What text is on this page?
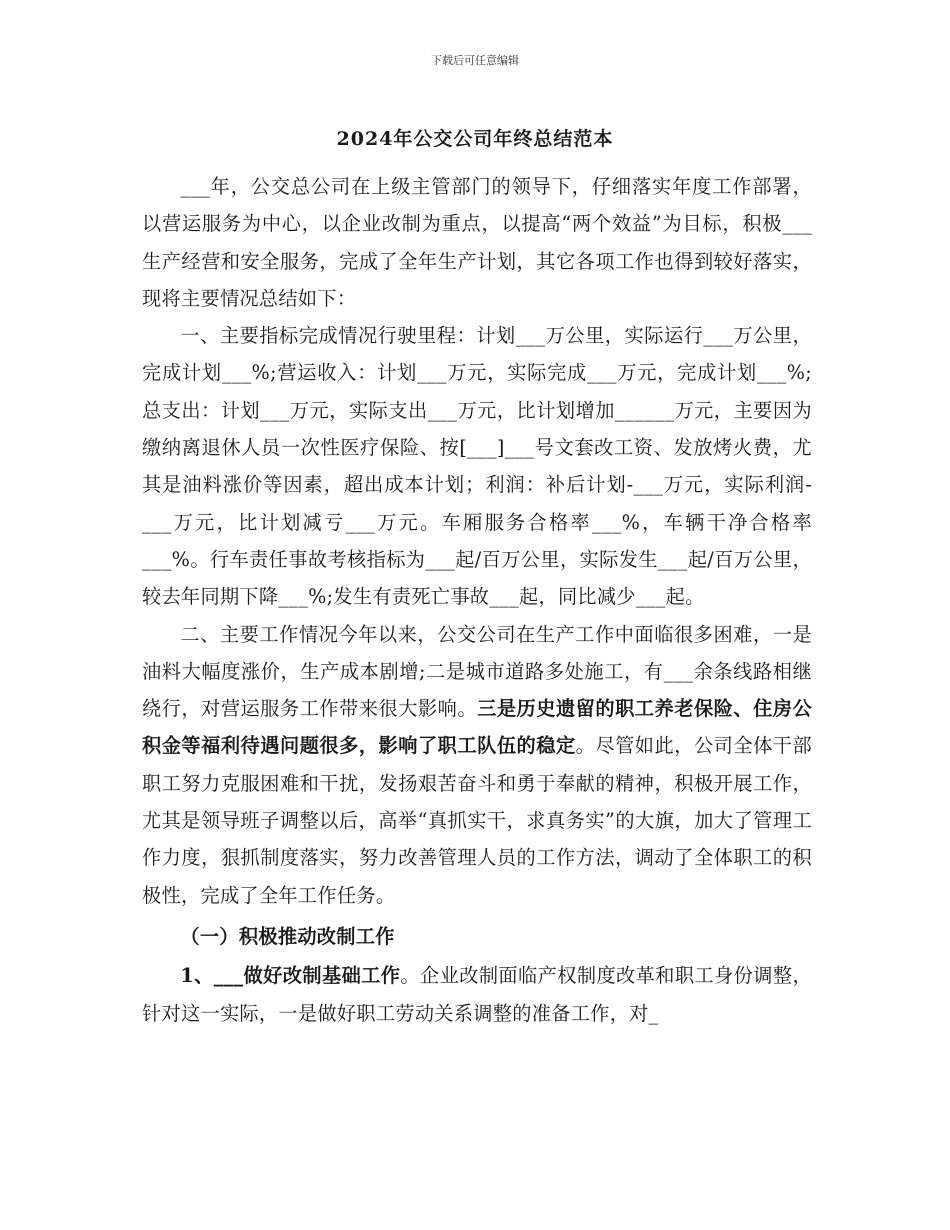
下载后可任意编辑
2024年公交公司年终总结范本

___年，公交总公司在上级主管部门的领导下，仔细落实年度工作部署，以营运服务为中心，以企业改制为重点，以提高“两个效益”为目标，积极___生产经营和安全服务，完成了全年生产计划，其它各项工作也得到较好落实，现将主要情况总结如下：

一、主要指标完成情况行驶里程：计划___万公里，实际运行___万公里，完成计划___%;营运收入：计划___万元，实际完成___万元，完成计划___%;总支出：计划___万元，实际支出___万元，比计划增加______万元，主要因为缴纳离退休人员一次性医疗保险、按[___]___号文套改工资、发放烤火费，尤其是油料涨价等因素，超出成本计划；利润：补后计划-___万元，实际利润-___万元，比计划减亏___万元。车厢服务合格率___%，车辆干净合格率___%。行车责任事故考核指标为___起/百万公里，实际发生___起/百万公里，较去年同期下降___%;发生有责死亡事故___起，同比减少___起。

二、主要工作情况今年以来，公交公司在生产工作中面临很多困难，一是油料大幅度涨价，生产成本剧增;二是城市道路多处施工，有___余条线路相继绕行，对营运服务工作带来很大影响。三是历史遗留的职工养老保险、住房公积金等福利待遇问题很多，影响了职工队伍的稳定。尽管如此，公司全体干部职工努力克服困难和干扰，发扬艰苦奋斗和勇于奉献的精神，积极开展工作，尤其是领导班子调整以后，高举“真抓实干，求真务实”的大旗，加大了管理工作力度，狠抓制度落实，努力改善管理人员的工作方法，调动了全体职工的积极性，完成了全年工作任务。

（一）积极推动改制工作

1、___做好改制基础工作。企业改制面临产权制度改革和职工身份调整，针对这一实际，一是做好职工劳动关系调整的准备工作，对_
